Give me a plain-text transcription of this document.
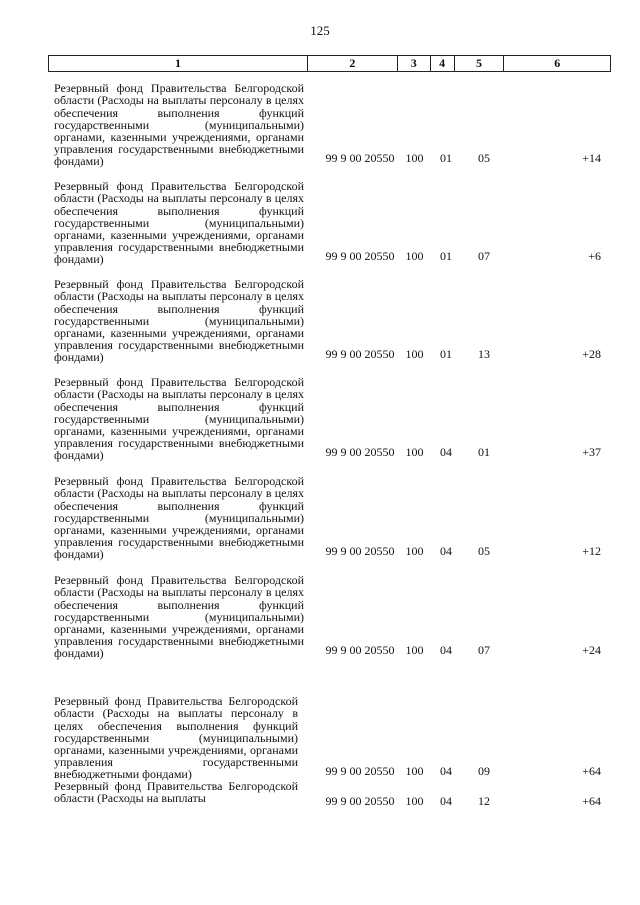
125
1	2	3	4	5	6
Резервный фонд Правительства Белгородской области (Расходы на выплаты персоналу в целях обеспечения выполнения функций государственными (муниципальными) органами, казенными учреждениями, органами управления государственными внебюджетными фондами)	99 9 00 20550 100	01	05	+14
Резервный фонд Правительства Белгородской области (Расходы на выплаты персоналу в целях обеспечения выполнения функций государственными (муниципальными) органами, казенными учреждениями, органами управления государственными внебюджетными фондами)	99 9 00 20550 100	01	07	+6
Резервный фонд Правительства Белгородской области (Расходы на выплаты персоналу в целях обеспечения выполнения функций государственными (муниципальными) органами, казенными учреждениями, органами управления государственными внебюджетными фондами)	99 9 00 20550 100	01	13	+28
Резервный фонд Правительства Белгородской области (Расходы на выплаты персоналу в целях обеспечения выполнения функций государственными (муниципальными) органами, казенными учреждениями, органами управления государственными внебюджетными фондами)	99 9 00 20550 100	04	01	+37
Резервный фонд Правительства Белгородской области (Расходы на выплаты персоналу в целях обеспечения выполнения функций государственными (муниципальными) органами, казенными учреждениями, органами управления государственными внебюджетными фондами)	99 9 00 20550 100	04	05	+12
Резервный фонд Правительства Белгородской области (Расходы на выплаты персоналу в целях обеспечения выполнения функций государственными (муниципальными) органами, казенными учреждениями, органами управления государственными внебюджетными фондами)	99 9 00 20550 100	04	07	+24
Резервный фонд Правительства Белгородской области (Расходы на выплаты персоналу в целях обеспечения выполнения функций государственными (муниципальными) органами, казенными учреждениями, органами управления государственными внебюджетными фондами)	99 9 00 20550 100	04	09	+64
Резервный фонд Правительства Белгородской области (Расходы на выплаты	99 9 00 20550 100	04	12	+64
